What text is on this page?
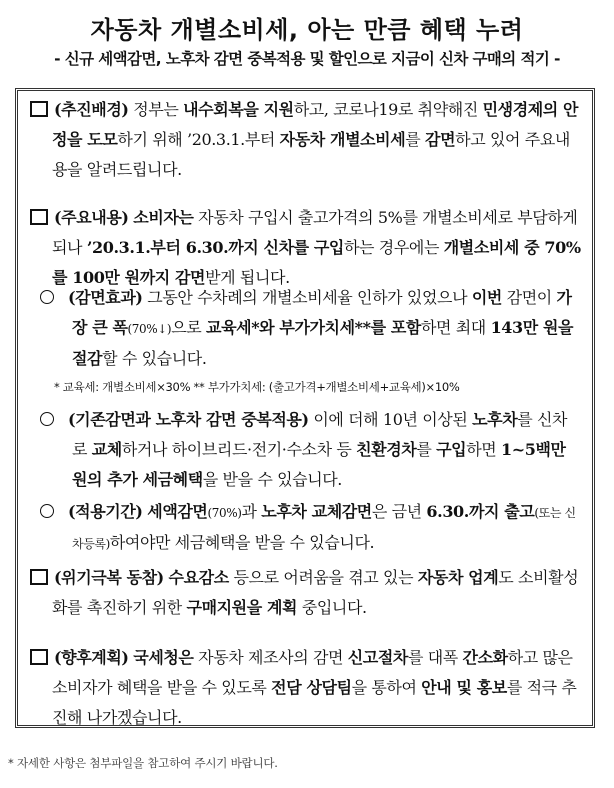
자동차 개별소비세, 아는 만큼 혜택 누려
- 신규 세액감면, 노후차 감면 중복적용 및 할인으로 지금이 신차 구매의 적기 -
(추진배경) 정부는 내수회복을 지원하고, 코로나19로 취약해진 민생경제의 안정을 도모하기 위해 ’20.3.1.부터 자동차 개별소비세를 감면하고 있어 주요내용을 알려드립니다.
(주요내용) 소비자는 자동차 구입시 출고가격의 5%를 개별소비세로 부담하게 되나 ’20.3.1.부터 6.30.까지 신차를 구입하는 경우에는 개별소비세 중 70%를 100만 원까지 감면받게 됩니다.
(감면효과) 그동안 수차례의 개별소비세율 인하가 있었으나 이번 감면이 가장 큰 폭(70%↓)으로 교육세*와 부가가치세**를 포함하면 최대 143만 원을 절감할 수 있습니다.
* 교육세: 개별소비세×30% ** 부가가치세: (출고가격+개별소비세+교육세)×10%
(기존감면과 노후차 감면 중복적용) 이에 더해 10년 이상된 노후차를 신차로 교체하거나 하이브리드·전기·수소차 등 친환경차를 구입하면 1~5백만 원의 추가 세금혜택을 받을 수 있습니다.
(적용기간) 세액감면(70%)과 노후차 교체감면은 금년 6.30.까지 출고(또는 신차등록)하여야만 세금혜택을 받을 수 있습니다.
(위기극복 동참) 수요감소 등으로 어려움을 겪고 있는 자동차 업계도 소비활성화를 촉진하기 위한 구매지원을 계획 중입니다.
(향후계획) 국세청은 자동차 제조사의 감면 신고절차를 대폭 간소화하고 많은 소비자가 혜택을 받을 수 있도록 전담 상담팀을 통하여 안내 및 홍보를 적극 추진해 나가겠습니다.
* 자세한 사항은 첨부파일을 참고하여 주시기 바랍니다.
